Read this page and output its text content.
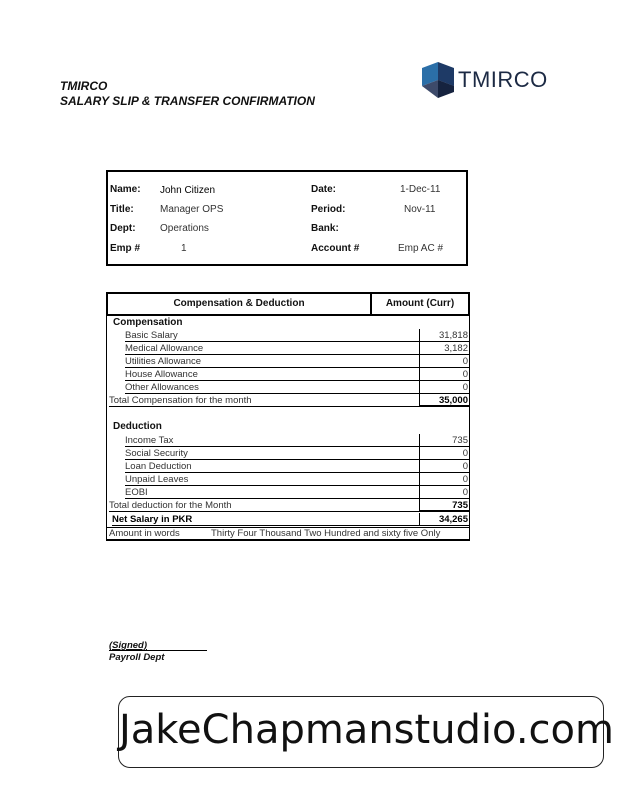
TMIRCO
SALARY SLIP & TRANSFER CONFIRMATION
TMIRCO
Name: John Citizen
Title:	Manager OPS
Dept: Operations
Emp #	1
Date:	1-Dec-11
Period:	Nov-11
Bank:
Account #	Emp AC #
Compensation & Deduction	Amount (Curr)
Compensation
Basic Salary	31,818
Medical Allowance	3,182
Utilities Allowance	0
House Allowance	0
Other Allowances	0
Total Compensation for the month	35,000
Deduction
Income Tax	735
Social Security	0
Loan Deduction	0
Unpaid Leaves	0
EOBI	0
Total deduction for the Month	735
Net Salary in PKR	34,265
Amount in words	Thirty Four Thousand Two Hundred and sixty five Only
(Signed)
Payroll Dept
JakeChapmanstudio.com
